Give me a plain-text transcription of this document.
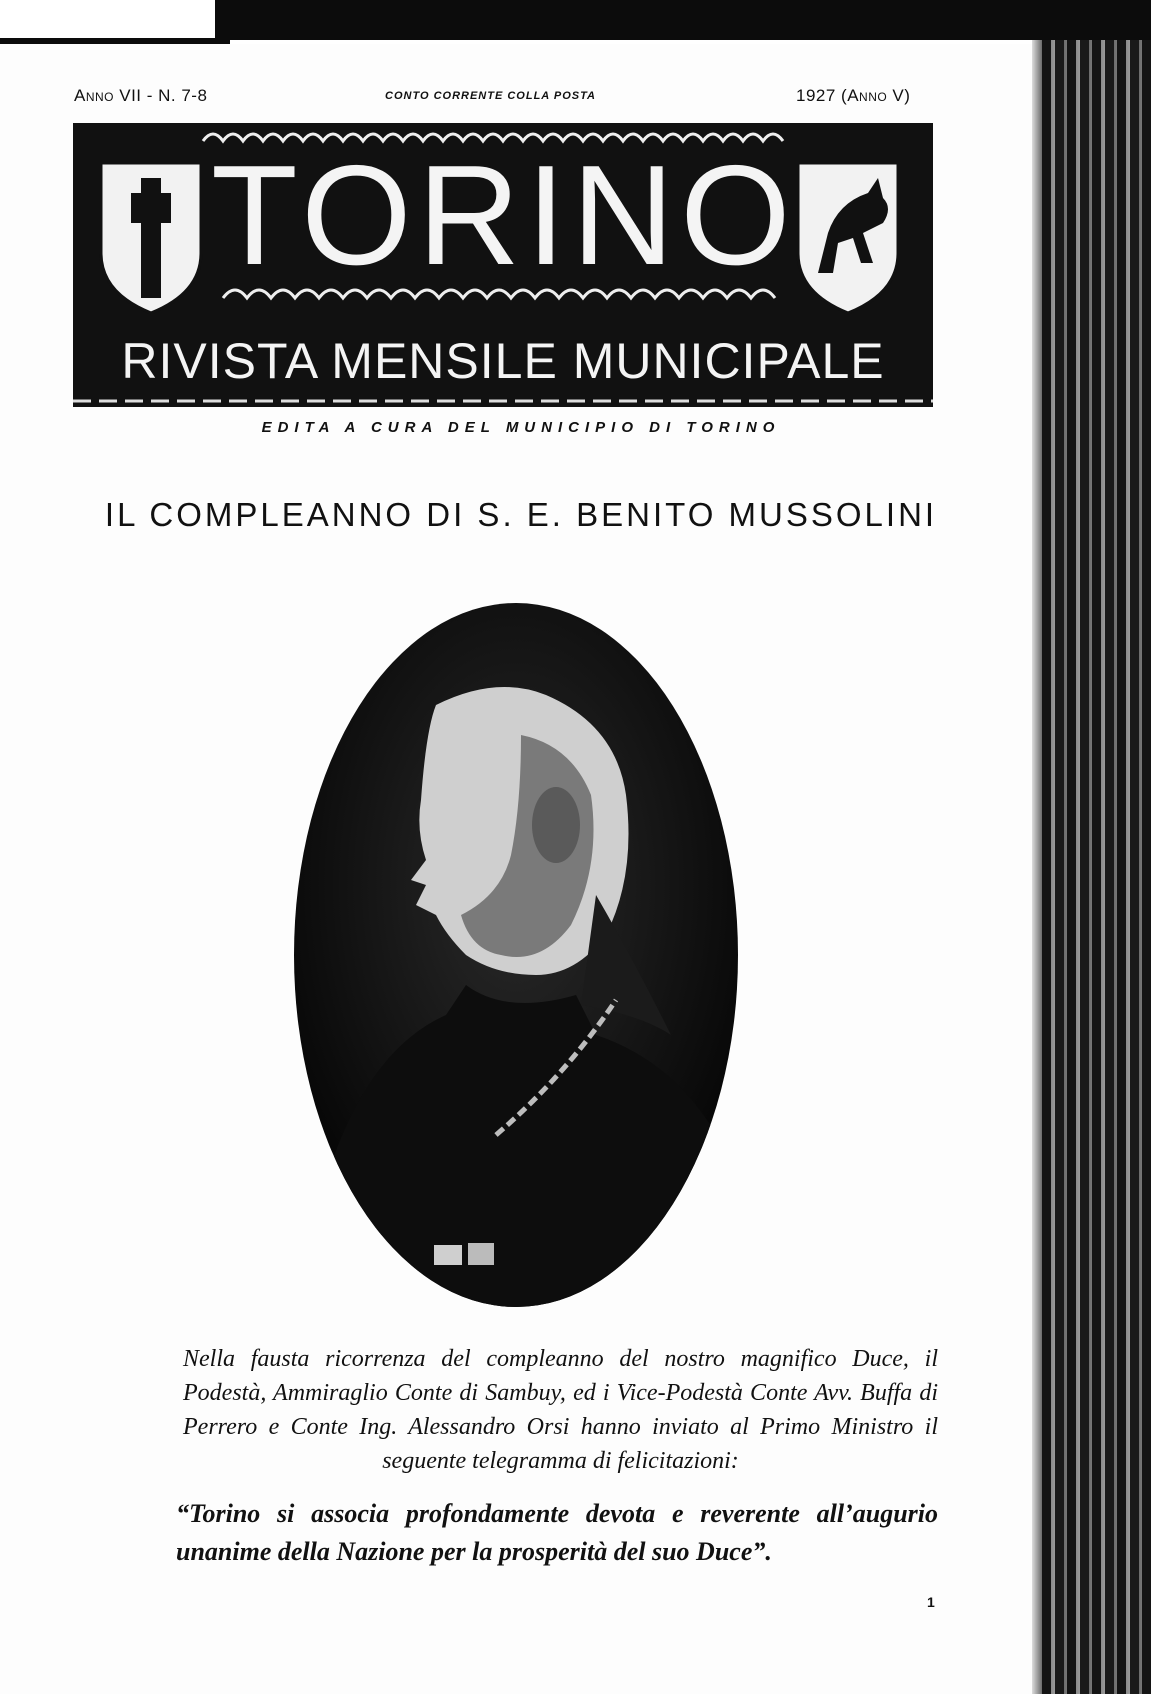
Anno VII - N. 7-8	CONTO CORRENTE COLLA POSTA	1927 (Anno V)
TORINO
RIVISTA MENSILE MUNICIPALE
EDITA A CURA DEL MUNICIPIO DI TORINO
IL COMPLEANNO DI S. E. BENITO MUSSOLINI
Nella fausta ricorrenza del compleanno del nostro magnifico Duce, il Podestà, Ammiraglio Conte di Sambuy, ed i Vice-Podestà Conte Avv. Buffa di Perrero e Conte Ing. Alessandro Orsi hanno inviato al Primo Ministro il seguente telegramma di felicitazioni:
“Torino si associa profondamente devota e reverente all’augurio unanime della Nazione per la prosperità del suo Duce”.
1
